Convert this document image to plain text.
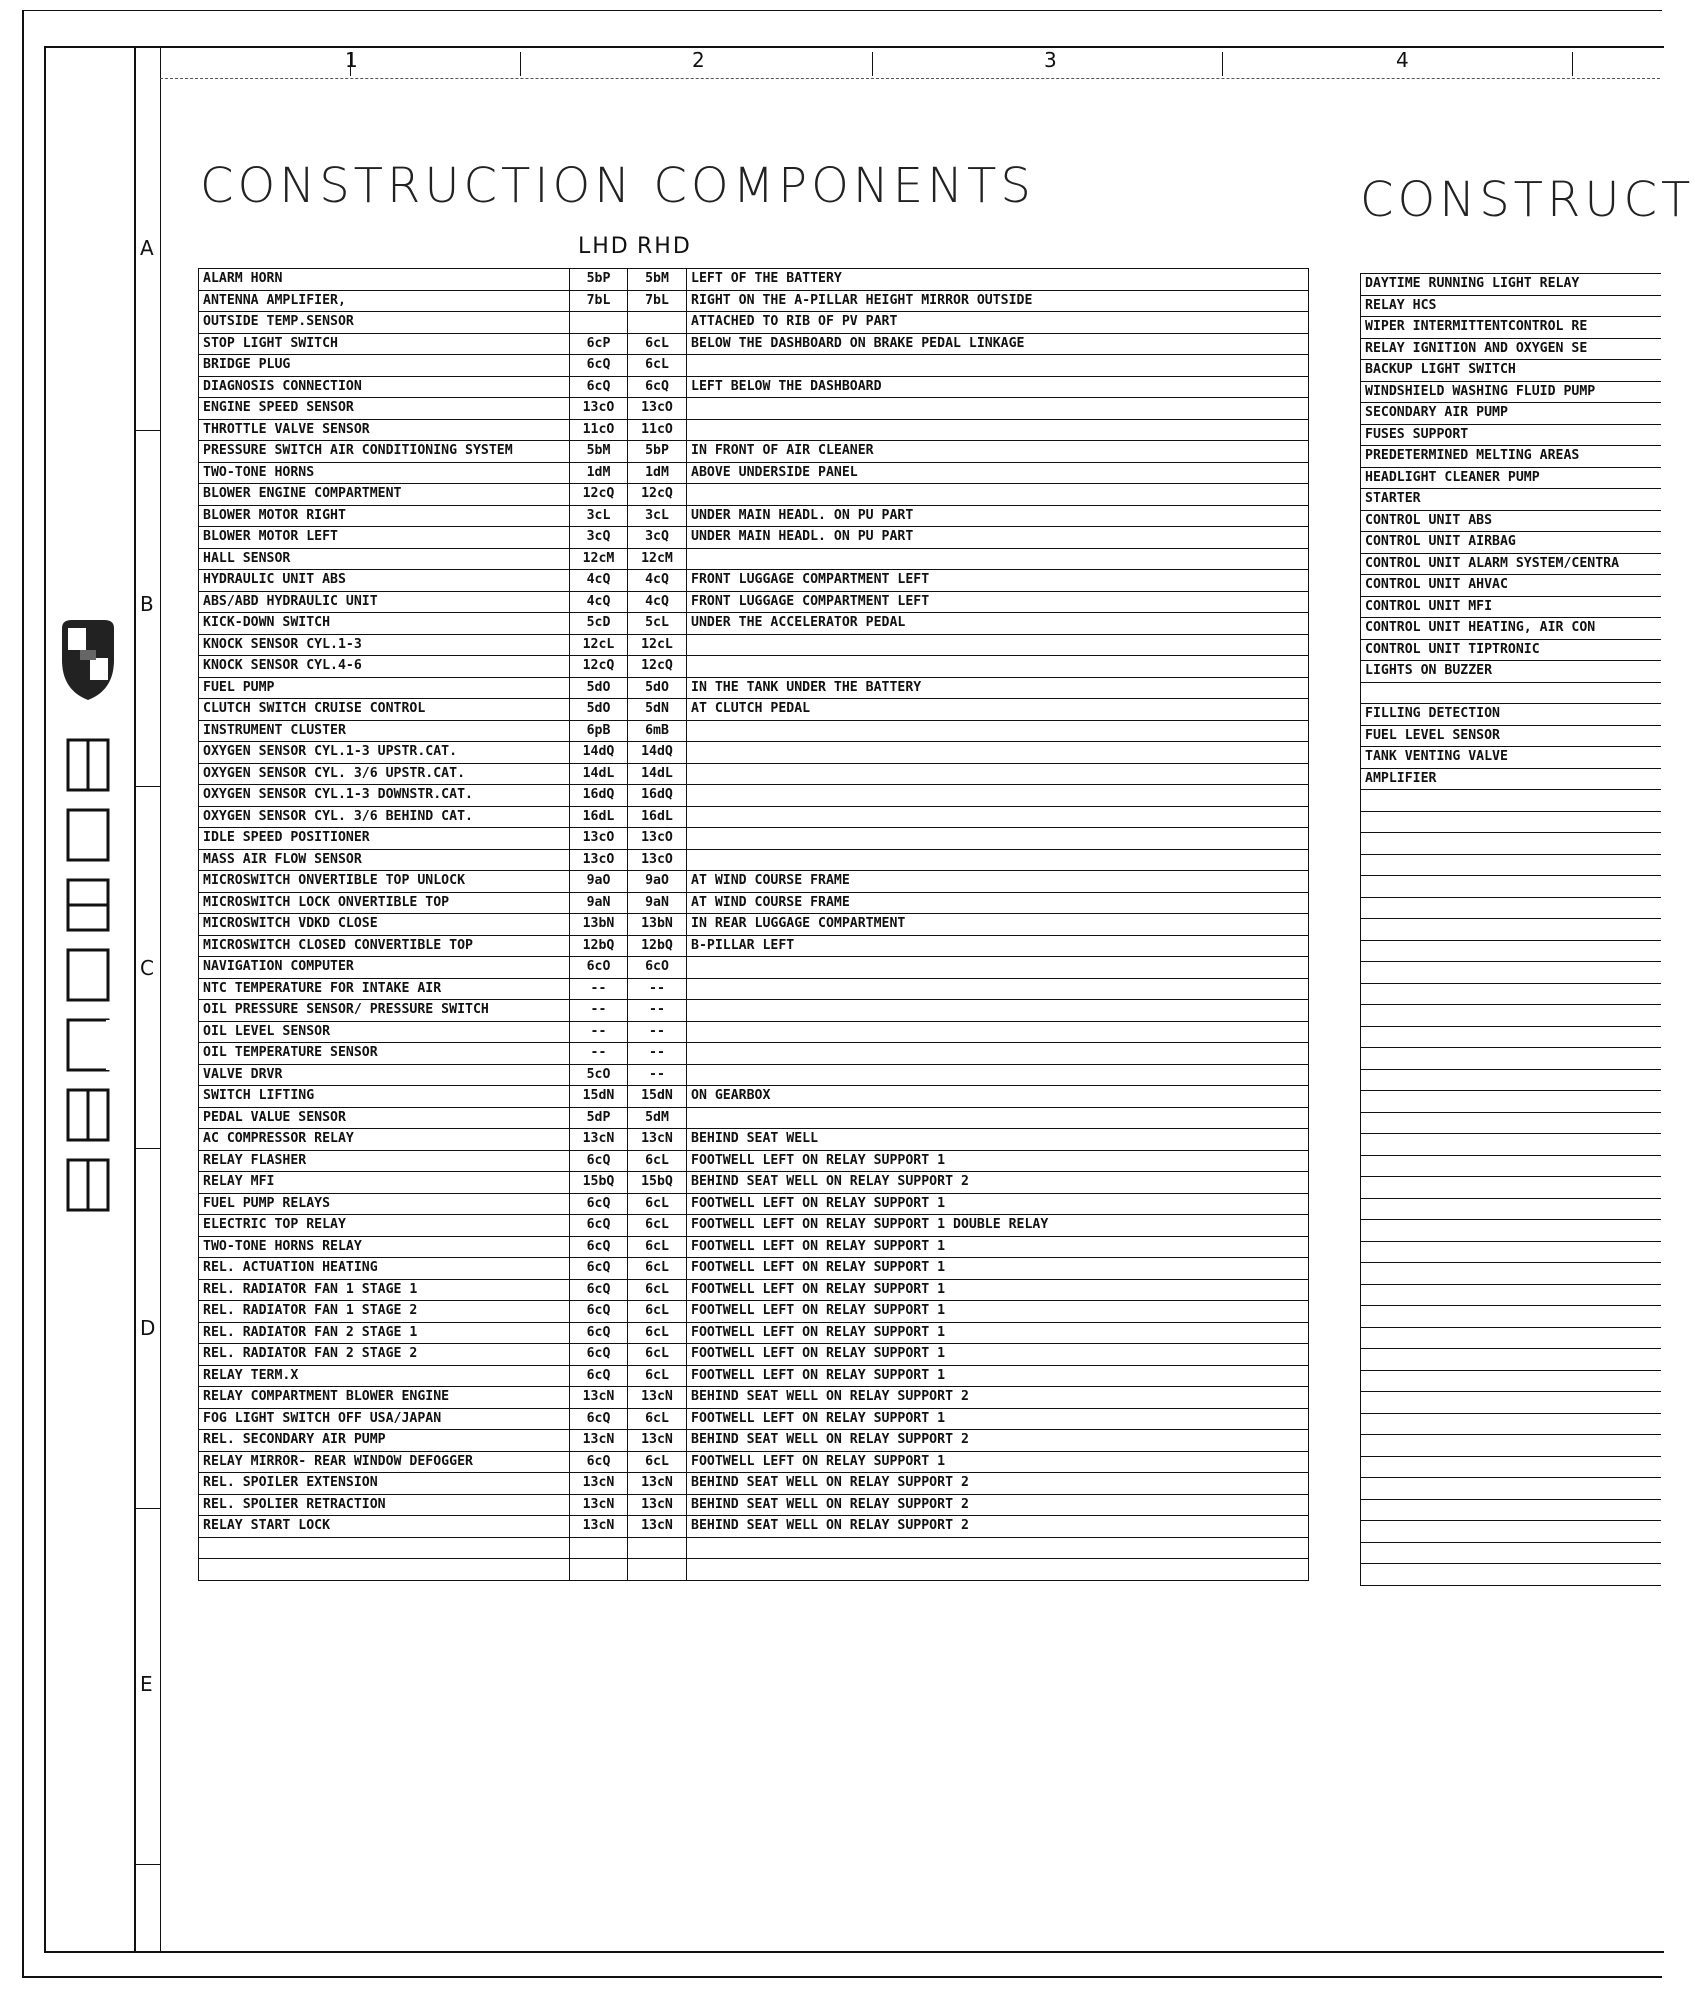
A
B
C
D
E
1	2	3	4
CONSTRUCTION COMPONENTS
LHD RHD
ALARM HORN	5bP	5bM	LEFT OF THE BATTERY
ANTENNA AMPLIFIER,	7bL	7bL	RIGHT ON THE A-PILLAR HEIGHT MIRROR OUTSIDE
OUTSIDE TEMP.SENSOR			ATTACHED TO RIB OF PV PART
STOP LIGHT SWITCH	6cP	6cL	BELOW THE DASHBOARD ON BRAKE PEDAL LINKAGE
BRIDGE PLUG	6cQ	6cL	
DIAGNOSIS CONNECTION	6cQ	6cQ	LEFT BELOW THE DASHBOARD
ENGINE SPEED SENSOR	13cO	13cO	
THROTTLE VALVE SENSOR	11cO	11cO	
PRESSURE SWITCH AIR CONDITIONING SYSTEM	5bM	5bP	IN FRONT OF AIR CLEANER
TWO-TONE HORNS	1dM	1dM	ABOVE UNDERSIDE PANEL
BLOWER ENGINE COMPARTMENT	12cQ	12cQ	
BLOWER MOTOR RIGHT	3cL	3cL	UNDER MAIN HEADL. ON PU PART
BLOWER MOTOR LEFT	3cQ	3cQ	UNDER MAIN HEADL. ON PU PART
HALL SENSOR	12cM	12cM	
HYDRAULIC UNIT ABS	4cQ	4cQ	FRONT LUGGAGE COMPARTMENT LEFT
ABS/ABD HYDRAULIC UNIT	4cQ	4cQ	FRONT LUGGAGE COMPARTMENT LEFT
KICK-DOWN SWITCH	5cD	5cL	UNDER THE ACCELERATOR PEDAL
KNOCK SENSOR CYL.1-3	12cL	12cL	
KNOCK SENSOR CYL.4-6	12cQ	12cQ	
FUEL PUMP	5dO	5dO	IN THE TANK UNDER THE BATTERY
CLUTCH SWITCH CRUISE CONTROL	5dO	5dN	AT CLUTCH PEDAL
INSTRUMENT CLUSTER	6pB	6mB	
OXYGEN SENSOR CYL.1-3 UPSTR.CAT.	14dQ	14dQ	
OXYGEN SENSOR CYL. 3/6 UPSTR.CAT.	14dL	14dL	
OXYGEN SENSOR CYL.1-3 DOWNSTR.CAT.	16dQ	16dQ	
OXYGEN SENSOR CYL. 3/6 BEHIND CAT.	16dL	16dL	
IDLE SPEED POSITIONER	13cO	13cO	
MASS AIR FLOW SENSOR	13cO	13cO	
MICROSWITCH ONVERTIBLE TOP UNLOCK	9aO	9aO	AT WIND COURSE FRAME
MICROSWITCH LOCK ONVERTIBLE TOP	9aN	9aN	AT WIND COURSE FRAME
MICROSWITCH VDKD CLOSE	13bN	13bN	IN REAR LUGGAGE COMPARTMENT
MICROSWITCH CLOSED CONVERTIBLE TOP	12bQ	12bQ	B-PILLAR LEFT
NAVIGATION COMPUTER	6cO	6cO	
NTC TEMPERATURE FOR INTAKE AIR	--	--	
OIL PRESSURE SENSOR/ PRESSURE SWITCH	--	--	
OIL LEVEL SENSOR	--	--	
OIL TEMPERATURE SENSOR	--	--	
VALVE DRVR	5cO	--	
SWITCH LIFTING	15dN	15dN	ON GEARBOX
PEDAL VALUE SENSOR	5dP	5dM	
AC COMPRESSOR RELAY	13cN	13cN	BEHIND SEAT WELL
RELAY FLASHER	6cQ	6cL	FOOTWELL LEFT ON RELAY SUPPORT 1
RELAY MFI	15bQ	15bQ	BEHIND SEAT WELL ON RELAY SUPPORT 2
FUEL PUMP RELAYS	6cQ	6cL	FOOTWELL LEFT ON RELAY SUPPORT 1
ELECTRIC TOP RELAY	6cQ	6cL	FOOTWELL LEFT ON RELAY SUPPORT 1 DOUBLE RELAY
TWO-TONE HORNS RELAY	6cQ	6cL	FOOTWELL LEFT ON RELAY SUPPORT 1
REL. ACTUATION HEATING	6cQ	6cL	FOOTWELL LEFT ON RELAY SUPPORT 1
REL. RADIATOR FAN 1 STAGE 1	6cQ	6cL	FOOTWELL LEFT ON RELAY SUPPORT 1
REL. RADIATOR FAN 1 STAGE 2	6cQ	6cL	FOOTWELL LEFT ON RELAY SUPPORT 1
REL. RADIATOR FAN 2 STAGE 1	6cQ	6cL	FOOTWELL LEFT ON RELAY SUPPORT 1
REL. RADIATOR FAN 2 STAGE 2	6cQ	6cL	FOOTWELL LEFT ON RELAY SUPPORT 1
RELAY TERM.X	6cQ	6cL	FOOTWELL LEFT ON RELAY SUPPORT 1
RELAY COMPARTMENT BLOWER ENGINE	13cN	13cN	BEHIND SEAT WELL ON RELAY SUPPORT 2
FOG LIGHT SWITCH OFF USA/JAPAN	6cQ	6cL	FOOTWELL LEFT ON RELAY SUPPORT 1
REL. SECONDARY AIR PUMP	13cN	13cN	BEHIND SEAT WELL ON RELAY SUPPORT 2
RELAY MIRROR- REAR WINDOW DEFOGGER	6cQ	6cL	FOOTWELL LEFT ON RELAY SUPPORT 1
REL. SPOILER EXTENSION	13cN	13cN	BEHIND SEAT WELL ON RELAY SUPPORT 2
REL. SPOLIER RETRACTION	13cN	13cN	BEHIND SEAT WELL ON RELAY SUPPORT 2
RELAY START LOCK	13cN	13cN	BEHIND SEAT WELL ON RELAY SUPPORT 2

CONSTRUCT
DAYTIME RUNNING LIGHT RELAY
RELAY HCS
WIPER INTERMITTENTCONTROL RE
RELAY IGNITION AND OXYGEN SE
BACKUP LIGHT SWITCH
WINDSHIELD WASHING FLUID PUMP
SECONDARY AIR PUMP
FUSES SUPPORT
PREDETERMINED MELTING AREAS
HEADLIGHT CLEANER PUMP
STARTER
CONTROL UNIT ABS
CONTROL UNIT AIRBAG
CONTROL UNIT ALARM SYSTEM/CENTRA
CONTROL UNIT AHVAC
CONTROL UNIT MFI
CONTROL UNIT HEATING, AIR CON
CONTROL UNIT TIPTRONIC
LIGHTS ON BUZZER

FILLING DETECTION
FUEL LEVEL SENSOR
TANK VENTING VALVE
AMPLIFIER
